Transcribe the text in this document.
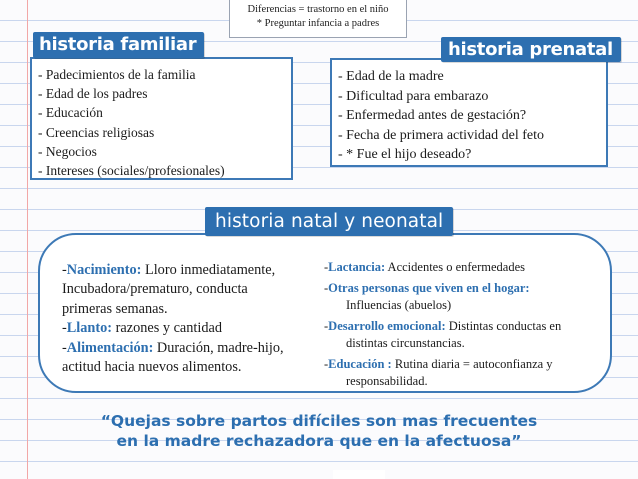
Diferencias = trastorno en el niño
* Preguntar infancia a padres
- Padecimientos de la familia
- Edad de los padres
- Educación
- Creencias religiosas
- Negocios
- Intereses (sociales/profesionales)
historia familiar
- Edad de la madre
- Dificultad para embarazo
- Enfermedad antes de gestación?
- Fecha de primera actividad del feto
- * Fue el hijo deseado?
historia prenatal
historia natal y neonatal
-Nacimiento: Lloro inmediatamente,
Incubadora/prematuro, conducta
primeras semanas.
-Llanto: razones y cantidad
-Alimentación: Duración, madre-hijo,
actitud hacia nuevos alimentos.
-Lactancia: Accidentes o enfermedades
-Otras personas que viven en el hogar:
Influencias (abuelos)
-Desarrollo emocional: Distintas conductas en
distintas circunstancias.
-Educación : Rutina diaria = autoconfianza y
responsabilidad.
“Quejas sobre partos difíciles son mas frecuentes
en la madre rechazadora que en la afectuosa”
